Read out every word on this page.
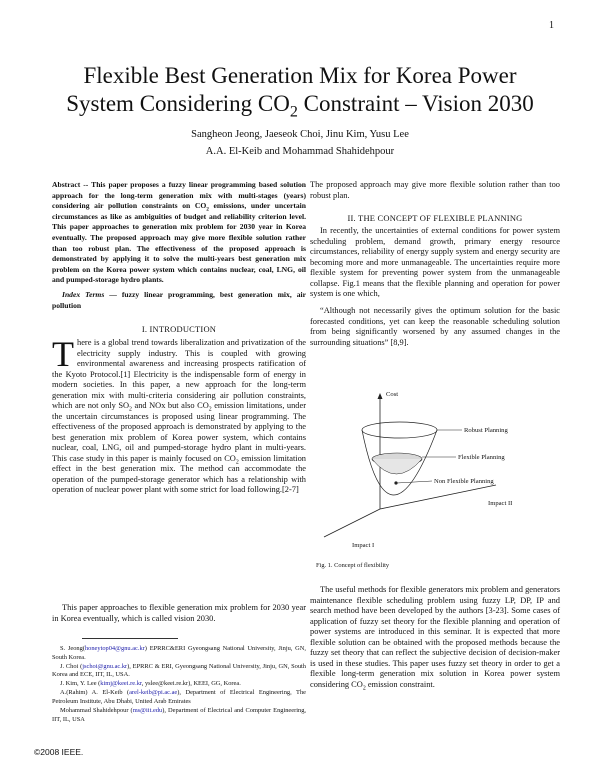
1
Flexible Best Generation Mix for Korea Power
System Considering $CO_2$ Constraint – Vision 2030
Sangheon Jeong, Jaeseok Choi, Jinu Kim, Yusu Lee
A.A. El-Keib and Mohammad Shahidehpour

Abstract -- This paper proposes a fuzzy linear programming based solution approach for the long-term generation mix with multi-stages (years) considering air pollution constraints on $CO_2$ emissions, under uncertain circumstances as like as ambiguities of budget and reliability criterion level. This paper approaches to generation mix problem for 2030 year in Korea eventually. The proposed approach may give more flexible solution rather than too robust plan. The effectiveness of the proposed approach is demonstrated by applying it to solve the multi-years best generation mix problem on the Korea power system which contains nuclear, coal, LNG, oil and pumped-storage hydro plants.

Index Terms — fuzzy linear programming, best generation mix, air pollution

I. INTRODUCTION

There is a global trend towards liberalization and privatization of the electricity supply industry. This is coupled with growing environmental awareness and increasing prospects ratification of the Kyoto Protocol.[1] Electricity is the indispensable form of energy in modern societies. In this paper, a new approach for the long-term generation mix with multi-criteria considering air pollution constraints, which are not only $SO_2$ and NOx but also $CO_2$ emission limitations, under the uncertain circumstances is proposed using linear programming. The effectiveness of the proposed approach is demonstrated by applying to the best generation mix problem of Korea power system, which contains nuclear, coal, LNG, oil and pumped-storage hydro plant in multi-years. This case study in this paper is mainly focused on $CO_2$ emission limitation effect in the best generation mix. The method can accommodate the operation of the pumped-storage generator which has a relationship with operation of nuclear power plant with some strict for load following.[2-7]

This paper approaches to flexible generation mix problem for 2030 year in Korea eventually, which is called vision 2030.

S. Jeong(honeytop04@gnu.ac.kr) EPRRC&ERI Gyeongsang National University, Jinju, GN, South Korea.

J. Choi (jschoi@gnu.ac.kr), EPRRC & ERI, Gyeongsang National University, Jinju, GN, South Korea and ECE, IIT, IL, USA.

J. Kim, Y. Lee (kimj@keei.re.kr, yslee@keei.re.kr), KEEI, GG, Korea.

A.(Rahim) A. El-Keib (arel-keib@pi.ac.ae), Department of Electrical Engineering, The Petroleum Institute, Abu Dhabi, United Arab Emirates

Mohammad Shahidehpour (ms@iit.edu), Department of Electrical and Computer Engineering, IIT, IL, USA

The proposed approach may give more flexible solution rather than too robust plan.

II. THE CONCEPT OF FLEXIBLE PLANNING

In recently, the uncertainties of external conditions for power system scheduling problem, demand growth, primary energy resource circumstances, reliability of energy supply system and energy security are becoming more and more unmanageable. The uncertainties require more flexible system for preventing power system from the unmanageable collapse. Fig.1 means that the flexible planning and operation for power system is one which,

“Although not necessarily gives the optimum solution for the basic forecasted conditions, yet can keep the reasonable scheduling solution from being significantly worsened by any assumed changes in the surrounding situations” [8,9].

Cost
Robust Planning
Flexible Planning
Non Flexible Planning
Impact II
Impact I
Fig. 1. Concept of flexibility

The useful methods for flexible generators mix problem and generators maintenance flexible scheduling problem using fuzzy LP, DP, IP and search method have been developed by the authors [3-23]. Some cases of application of fuzzy set theory for the flexible planning and operation of power systems are introduced in this seminar. It is expected that more flexible solution can be obtained with the proposed methods because the fuzzy set theory that can reflect the subjective decision of decision-maker is used in these studies. This paper uses fuzzy set theory in order to get a flexible long-term generation mix solution in Korea power system considering $CO_2$ emission constraint.

©2008 IEEE.
